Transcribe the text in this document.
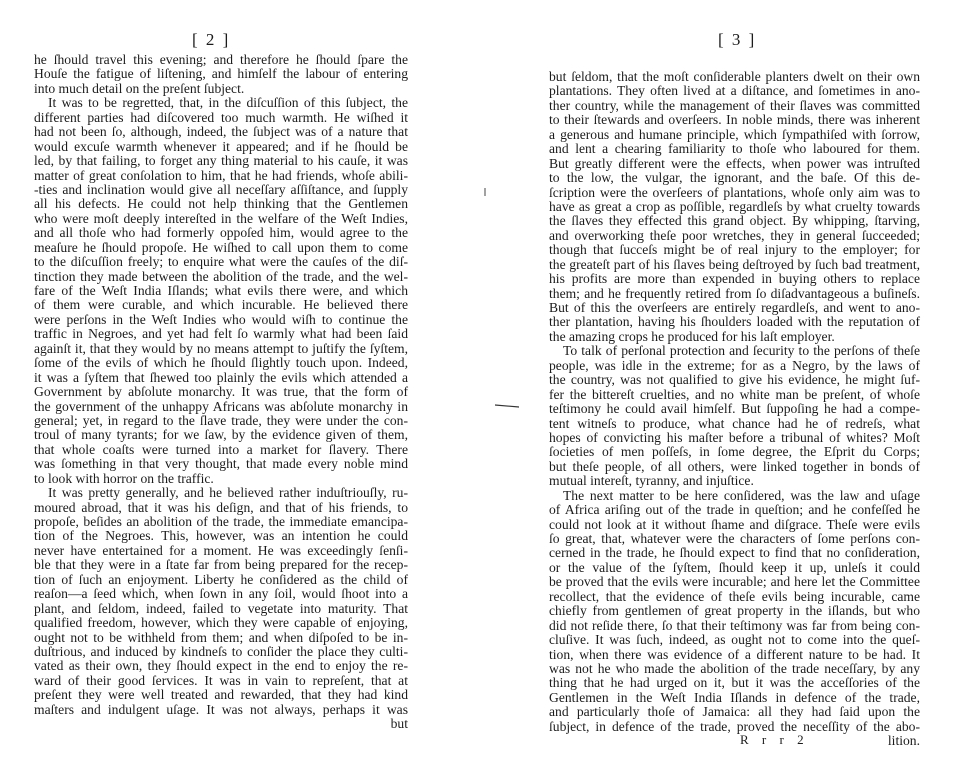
[ 2 ]
he ſhould travel this evening; and therefore he ſhould ſpare the
Houſe the fatigue of liſtening, and himſelf the labour of entering
into much detail on the preſent ſubject.
It was to be regretted, that, in the diſcuſſion of this ſubject, the
different parties had diſcovered too much warmth. He wiſhed it
had not been ſo, although, indeed, the ſubject was of a nature that
would excuſe warmth whenever it appeared; and if he ſhould be
led, by that failing, to forget any thing material to his cauſe, it was
matter of great conſolation to him, that he had friends, whoſe abili-
-ties and inclination would give all neceſſary aſſiſtance, and ſupply
all his defects. He could not help thinking that the Gentlemen
who were moſt deeply intereſted in the welfare of the Weſt Indies,
and all thoſe who had formerly oppoſed him, would agree to the
meaſure he ſhould propoſe. He wiſhed to call upon them to come
to the diſcuſſion freely; to enquire what were the cauſes of the diſ-
tinction they made between the abolition of the trade, and the wel-
fare of the Weſt India Iſlands; what evils there were, and which
of them were curable, and which incurable. He believed there
were perſons in the Weſt Indies who would wiſh to continue the
traffic in Negroes, and yet had felt ſo warmly what had been ſaid
againſt it, that they would by no means attempt to juſtify the ſyſtem,
ſome of the evils of which he ſhould ſlightly touch upon. Indeed,
it was a ſyſtem that ſhewed too plainly the evils which attended a
Government by abſolute monarchy. It was true, that the form of
the government of the unhappy Africans was abſolute monarchy in
general; yet, in regard to the ſlave trade, they were under the con-
troul of many tyrants; for we ſaw, by the evidence given of them,
that whole coaſts were turned into a market for ſlavery. There
was ſomething in that very thought, that made every noble mind
to look with horror on the traffic.
It was pretty generally, and he believed rather induſtriouſly, ru-
moured abroad, that it was his deſign, and that of his friends, to
propoſe, beſides an abolition of the trade, the immediate emancipa-
tion of the Negroes. This, however, was an intention he could
never have entertained for a moment. He was exceedingly ſenſi-
ble that they were in a ſtate far from being prepared for the recep-
tion of ſuch an enjoyment. Liberty he conſidered as the child of
reaſon—a ſeed which, when ſown in any ſoil, would ſhoot into a
plant, and ſeldom, indeed, failed to vegetate into maturity. That
qualified freedom, however, which they were capable of enjoying,
ought not to be withheld from them; and when diſpoſed to be in-
duſtrious, and induced by kindneſs to conſider the place they culti-
vated as their own, they ſhould expect in the end to enjoy the re-
ward of their good ſervices. It was in vain to repreſent, that at
preſent they were well treated and rewarded, that they had kind
maſters and indulgent uſage. It was not always, perhaps it was
but
[ 3 ]
but ſeldom, that the moſt conſiderable planters dwelt on their own
plantations. They often lived at a diſtance, and ſometimes in ano-
ther country, while the management of their ſlaves was committed
to their ſtewards and overſeers. In noble minds, there was inherent
a generous and humane principle, which ſympathiſed with ſorrow,
and lent a chearing familiarity to thoſe who laboured for them.
But greatly different were the effects, when power was intruſted
to the low, the vulgar, the ignorant, and the baſe. Of this de-
ſcription were the overſeers of plantations, whoſe only aim was to
have as great a crop as poſſible, regardleſs by what cruelty towards
the ſlaves they effected this grand object. By whipping, ſtarving,
and overworking theſe poor wretches, they in general ſucceeded;
though that ſucceſs might be of real injury to the employer; for
the greateſt part of his ſlaves being deſtroyed by ſuch bad treatment,
his profits are more than expended in buying others to replace
them; and he frequently retired from ſo diſadvantageous a buſineſs.
But of this the overſeers are entirely regardleſs, and went to ano-
ther plantation, having his ſhoulders loaded with the reputation of
the amazing crops he produced for his laſt employer.
To talk of perſonal protection and ſecurity to the perſons of theſe
people, was idle in the extreme; for as a Negro, by the laws of
the country, was not qualified to give his evidence, he might ſuf-
fer the bittereſt cruelties, and no white man be preſent, of whoſe
teſtimony he could avail himſelf. But ſuppoſing he had a compe-
tent witneſs to produce, what chance had he of redreſs, what
hopes of convicting his maſter before a tribunal of whites? Moſt
ſocieties of men poſſeſs, in ſome degree, the Eſprit du Corps;
but theſe people, of all others, were linked together in bonds of
mutual intereſt, tyranny, and injuſtice.
The next matter to be here conſidered, was the law and uſage
of Africa ariſing out of the trade in queſtion; and he confeſſed he
could not look at it without ſhame and diſgrace. Theſe were evils
ſo great, that, whatever were the characters of ſome perſons con-
cerned in the trade, he ſhould expect to find that no conſideration,
or the value of the ſyſtem, ſhould keep it up, unleſs it could
be proved that the evils were incurable; and here let the Committee
recollect, that the evidence of theſe evils being incurable, came
chiefly from gentlemen of great property in the iſlands, but who
did not reſide there, ſo that their teſtimony was far from being con-
cluſive. It was ſuch, indeed, as ought not to come into the queſ-
tion, when there was evidence of a different nature to be had. It
was not he who made the abolition of the trade neceſſary, by any
thing that he had urged on it, but it was the acceſſories of the
Gentlemen in the Weſt India Iſlands in defence of the trade,
and particularly thoſe of Jamaica: all they had ſaid upon the
ſubject, in defence of the trade, proved the neceſſity of the abo-
lition.
R r r 2
